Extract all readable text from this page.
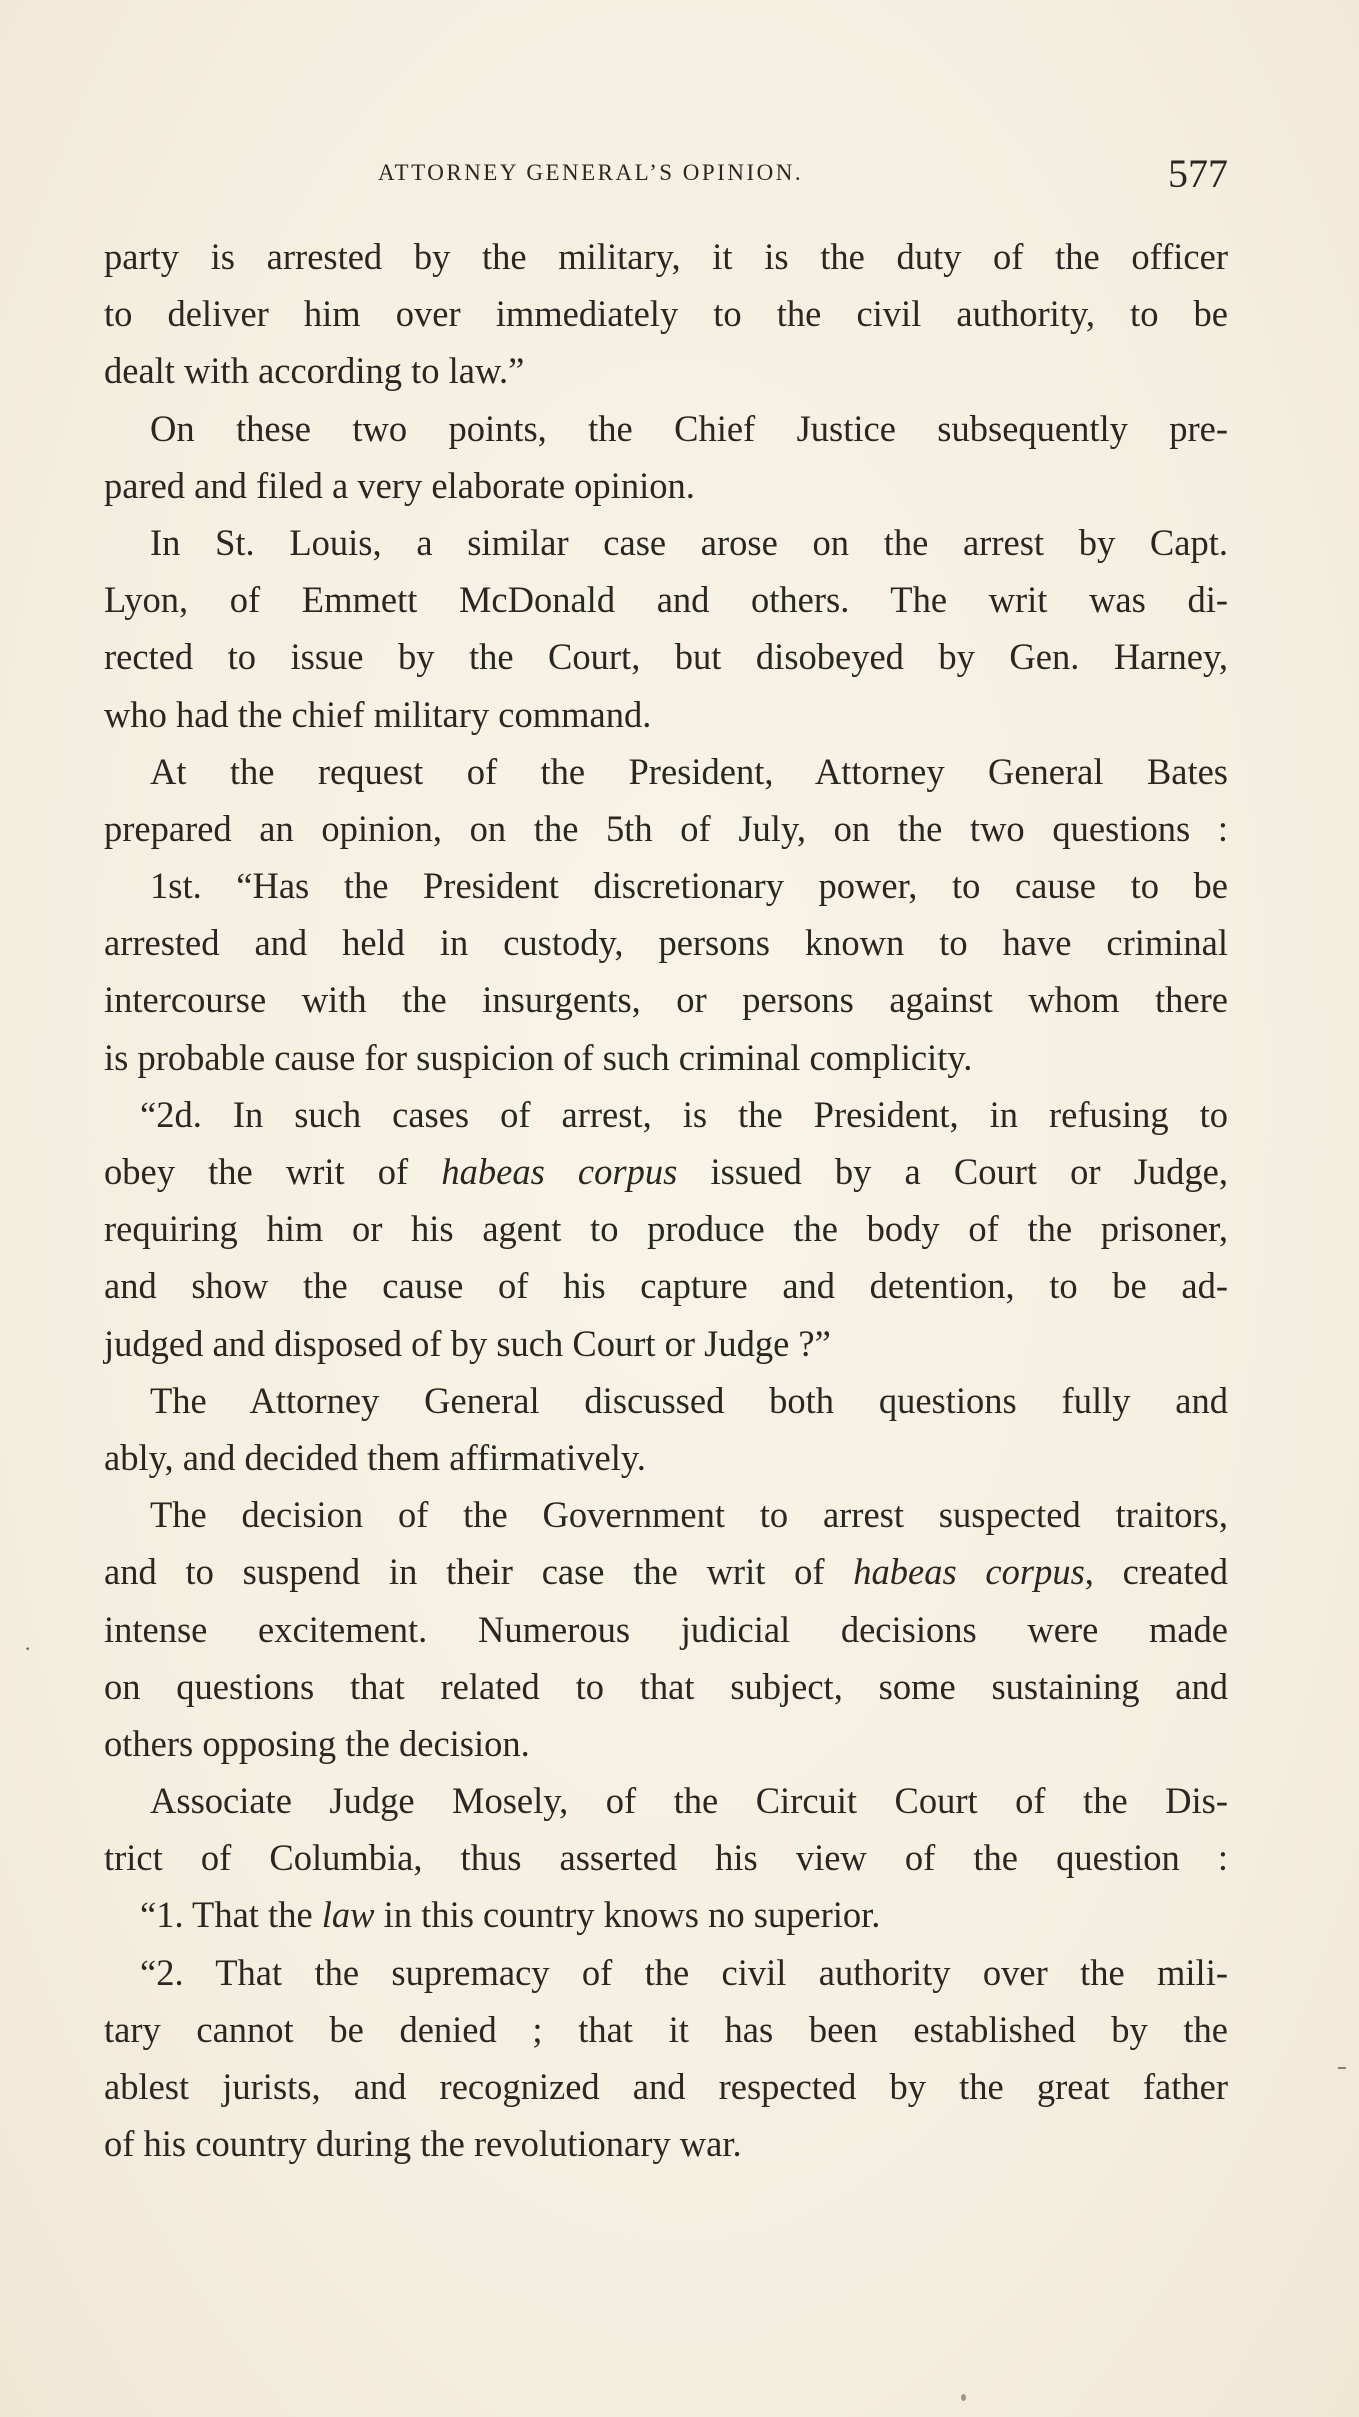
ATTORNEY GENERAL’S OPINION.	577
party is arrested by the military, it is the duty of the officer
to deliver him over immediately to the civil authority, to be
dealt with according to law.”
On these two points, the Chief Justice subsequently pre-
pared and filed a very elaborate opinion.
In St. Louis, a similar case arose on the arrest by Capt.
Lyon, of Emmett McDonald and others. The writ was di-
rected to issue by the Court, but disobeyed by Gen. Harney,
who had the chief military command.
At the request of the President, Attorney General Bates
prepared an opinion, on the 5th of July, on the two questions :
1st. “Has the President discretionary power, to cause to be
arrested and held in custody, persons known to have criminal
intercourse with the insurgents, or persons against whom there
is probable cause for suspicion of such criminal complicity.
“2d. In such cases of arrest, is the President, in refusing to
obey the writ of habeas corpus issued by a Court or Judge,
requiring him or his agent to produce the body of the prisoner,
and show the cause of his capture and detention, to be ad-
judged and disposed of by such Court or Judge ?”
The Attorney General discussed both questions fully and
ably, and decided them affirmatively.
The decision of the Government to arrest suspected traitors,
and to suspend in their case the writ of habeas corpus, created
intense excitement. Numerous judicial decisions were made
on questions that related to that subject, some sustaining and
others opposing the decision.
Associate Judge Mosely, of the Circuit Court of the Dis-
trict of Columbia, thus asserted his view of the question :
“1. That the law in this country knows no superior.
“2. That the supremacy of the civil authority over the mili-
tary cannot be denied ; that it has been established by the
ablest jurists, and recognized and respected by the great father
of his country during the revolutionary war.
·
